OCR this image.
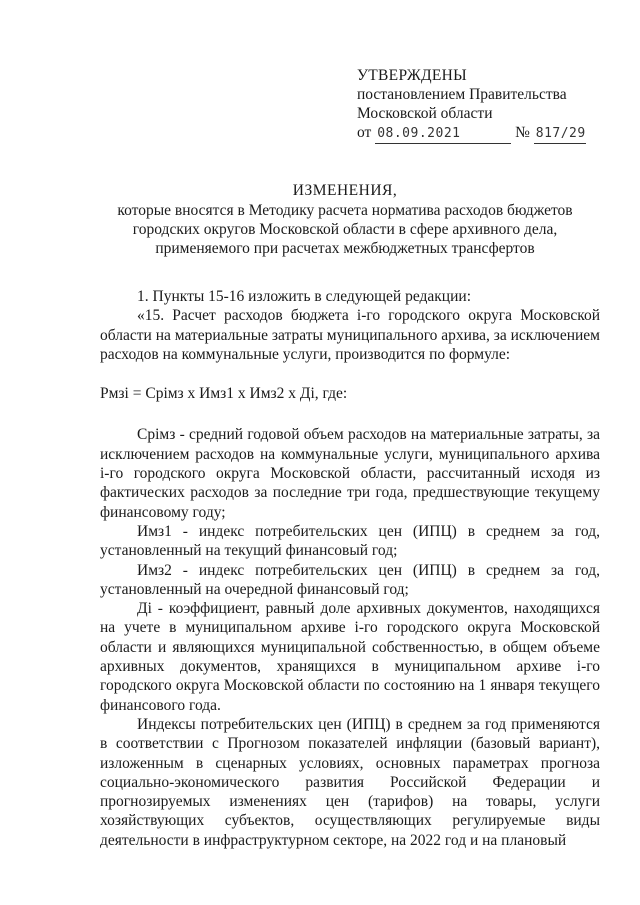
УТВЕРЖДЕНЫ
постановлением Правительства
Московской области
от 08.09.2021	№ 817/29
ИЗМЕНЕНИЯ,
которые вносятся в Методику расчета норматива расходов бюджетов
городских округов Московской области в сфере архивного дела,
применяемого при расчетах межбюджетных трансфертов

1. Пункты 15-16 изложить в следующей редакции:

«15. Расчет расходов бюджета i-го городского округа Московской области на материальные затраты муниципального архива, за исключением расходов на коммунальные услуги, производится по формуле:

Рмзi = Срiмз х Имз1 х Имз2 х Дi, где:

Срiмз - средний годовой объем расходов на материальные затраты, за исключением расходов на коммунальные услуги, муниципального архива i-го городского округа Московской области, рассчитанный исходя из фактических расходов за последние три года, предшествующие текущему финансовому году;

Имз1 - индекс потребительских цен (ИПЦ) в среднем за год, установленный на текущий финансовый год;

Имз2 - индекс потребительских цен (ИПЦ) в среднем за год, установленный на очередной финансовый год;

Дi - коэффициент, равный доле архивных документов, находящихся на учете в муниципальном архиве i-го городского округа Московской области и являющихся муниципальной собственностью, в общем объеме архивных документов, хранящихся в муниципальном архиве i-го городского округа Московской области по состоянию на 1 января текущего финансового года.

Индексы потребительских цен (ИПЦ) в среднем за год применяются в соответствии с Прогнозом показателей инфляции (базовый вариант), изложенным в сценарных условиях, основных параметрах прогноза социально-экономического развития Российской Федерации и прогнозируемых изменениях цен (тарифов) на товары, услуги хозяйствующих субъектов, осуществляющих регулируемые виды деятельности в инфраструктурном секторе, на 2022 год и на плановый
